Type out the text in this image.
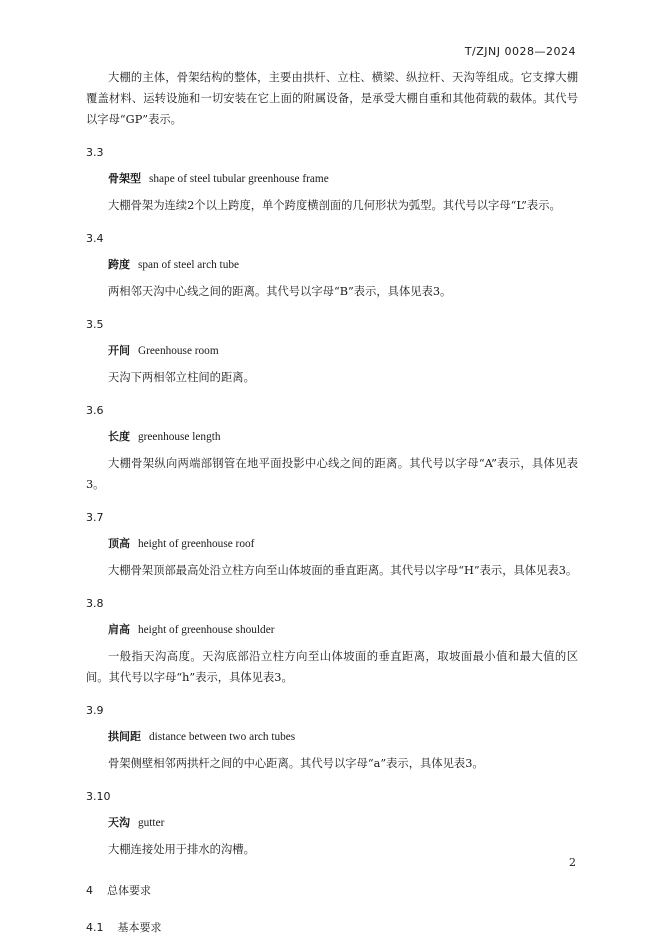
T/ZJNJ 0028—2024

大棚的主体，骨架结构的整体，主要由拱杆、立柱、横梁、纵拉杆、天沟等组成。它支撑大棚覆盖材料、运转设施和一切安装在它上面的附属设备，是承受大棚自重和其他荷载的载体。其代号以字母“GP”表示。

3.3
骨架型 shape of steel tubular greenhouse frame

大棚骨架为连续2个以上跨度，单个跨度横剖面的几何形状为弧型。其代号以字母“L”表示。

3.4
跨度 span of steel arch tube

两相邻天沟中心线之间的距离。其代号以字母“B”表示，具体见表3。

3.5
开间 Greenhouse room

天沟下两相邻立柱间的距离。

3.6
长度 greenhouse length

大棚骨架纵向两端部钢管在地平面投影中心线之间的距离。其代号以字母“A”表示，具体见表3。

3.7
顶高 height of greenhouse roof

大棚骨架顶部最高处沿立柱方向至山体坡面的垂直距离。其代号以字母“H”表示，具体见表3。

3.8
肩高 height of greenhouse shoulder

一般指天沟高度。天沟底部沿立柱方向至山体坡面的垂直距离，取坡面最小值和最大值的区间。其代号以字母“h”表示，具体见表3。

3.9
拱间距 distance between two arch tubes

骨架侧壁相邻两拱杆之间的中心距离。其代号以字母“a”表示，具体见表3。

3.10
天沟 gutter

大棚连接处用于排水的沟槽。

4 总体要求
4.1 基本要求
2
